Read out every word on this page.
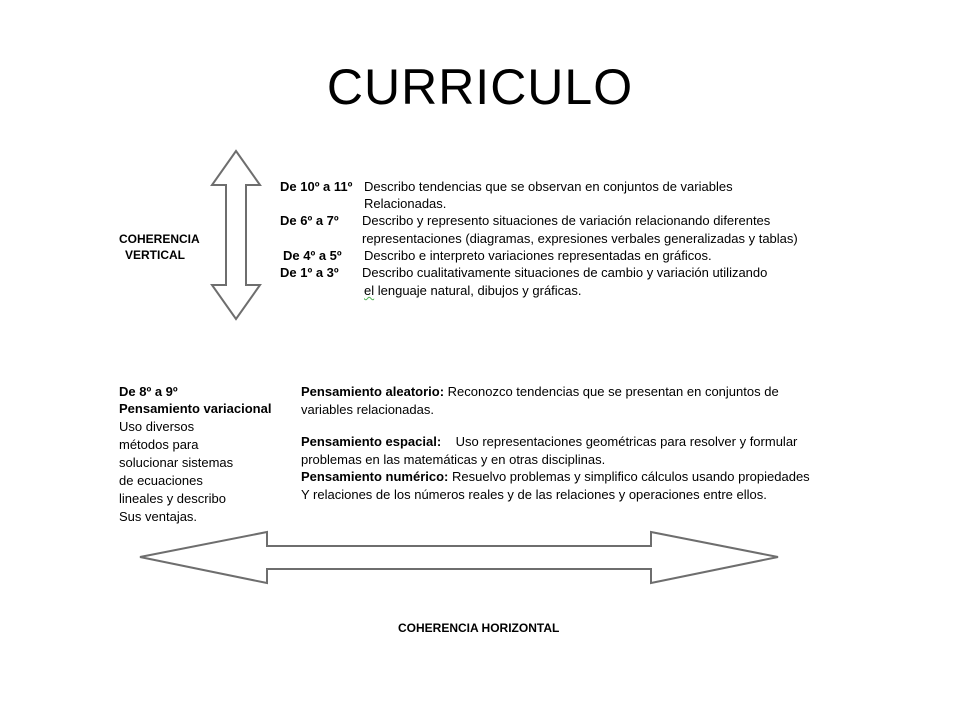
CURRICULO
COHERENCIA
VERTICAL
De 10º a 11º Describo tendencias que se observan en conjuntos de variables
Relacionadas.
De 6º a 7º Describo y represento situaciones de variación relacionando diferentes
representaciones (diagramas, expresiones verbales generalizadas y tablas)
De 4º a 5º Describo e interpreto variaciones representadas en gráficos.
De 1º a 3º Describo cualitativamente situaciones de cambio y variación utilizando
el lenguaje natural, dibujos y gráficas.
De 8º a 9º
Pensamiento variacional
Uso diversos
métodos para
solucionar sistemas
de ecuaciones
lineales y describo
Sus ventajas.
Pensamiento aleatorio: Reconozco tendencias que se presentan en conjuntos de
variables relacionadas.
Pensamiento espacial:    Uso representaciones geométricas para resolver y formular
problemas en las matemáticas y en otras disciplinas.
Pensamiento numérico: Resuelvo problemas y simplifico cálculos usando propiedades
Y relaciones de los números reales y de las relaciones y operaciones entre ellos.
COHERENCIA HORIZONTAL
